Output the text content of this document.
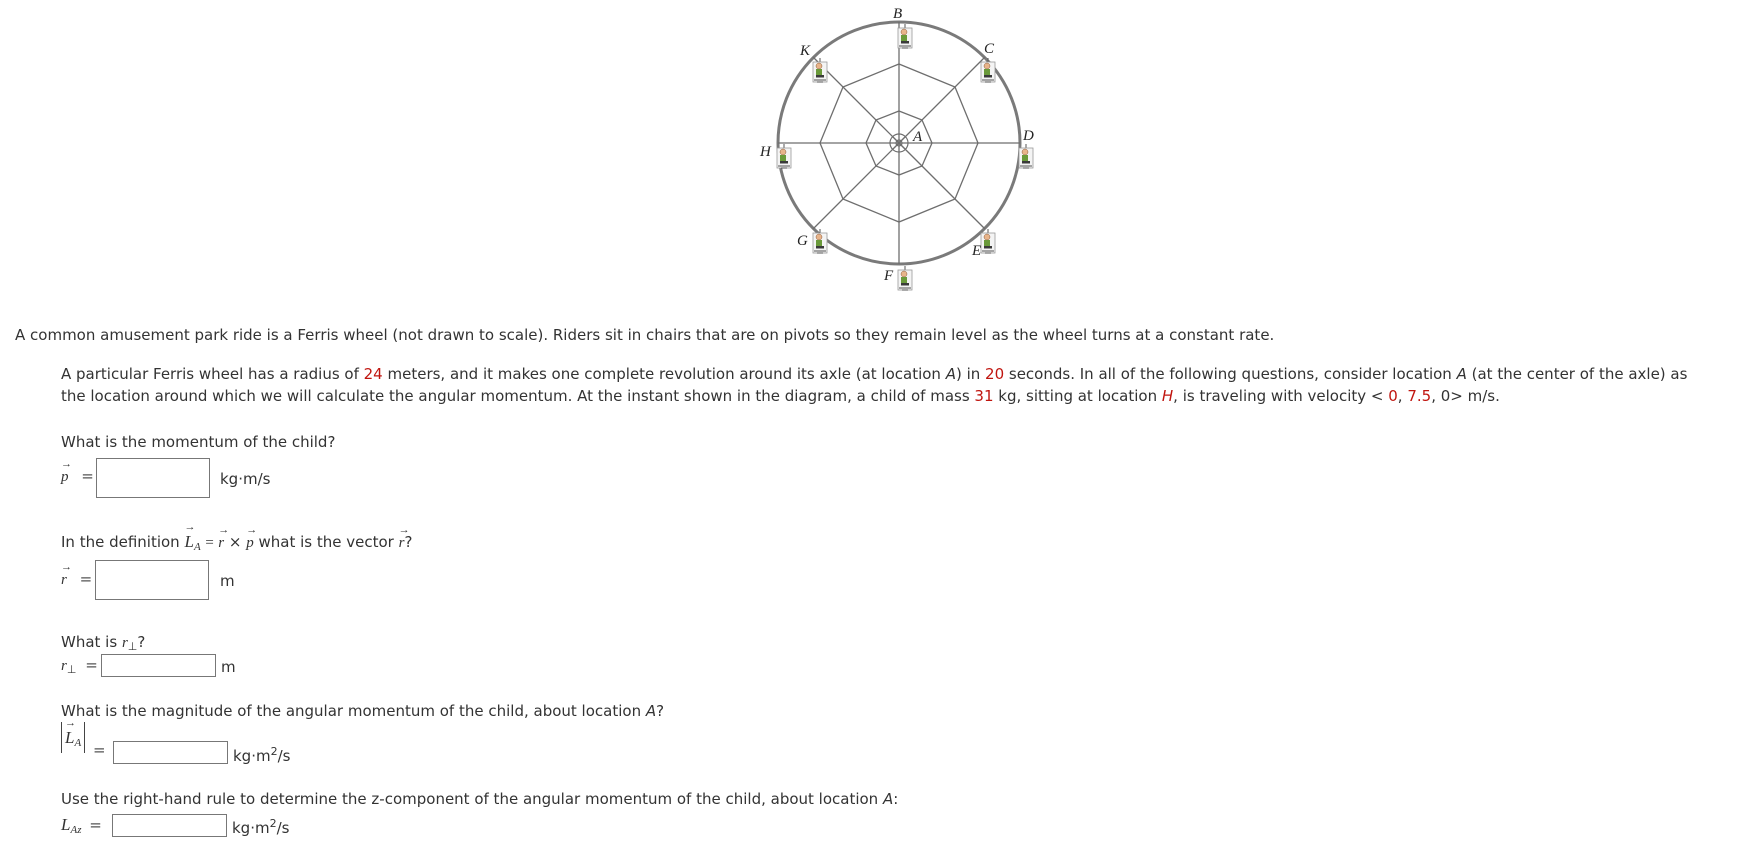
B
C
K
D
H
A
G
E
F
A common amusement park ride is a Ferris wheel (not drawn to scale). Riders sit in chairs that are on pivots so they remain level as the wheel turns at a constant rate.
A particular Ferris wheel has a radius of 24 meters, and it makes one complete revolution around its axle (at location A) in 20 seconds. In all of the following questions, consider location A (at the center of the axle) as the location around which we will calculate the angular momentum. At the instant shown in the diagram, a child of mass 31 kg, sitting at location H, is traveling with velocity < 0, 7.5, 0> m/s.
What is the momentum of the child?
→ p =	kg·m/s
In the definition → $L_A$ = → r × → p what is the vector → r?
→ r =	m
What is $r_\perp$?
$r_\perp$ =	m
What is the magnitude of the angular momentum of the child, about location A?
→ $L_A$ =	$kg\cdot m^2/s$
Use the right-hand rule to determine the z-component of the angular momentum of the child, about location A:
$L_{Az}$ =	$kg\cdot m^2/s$
